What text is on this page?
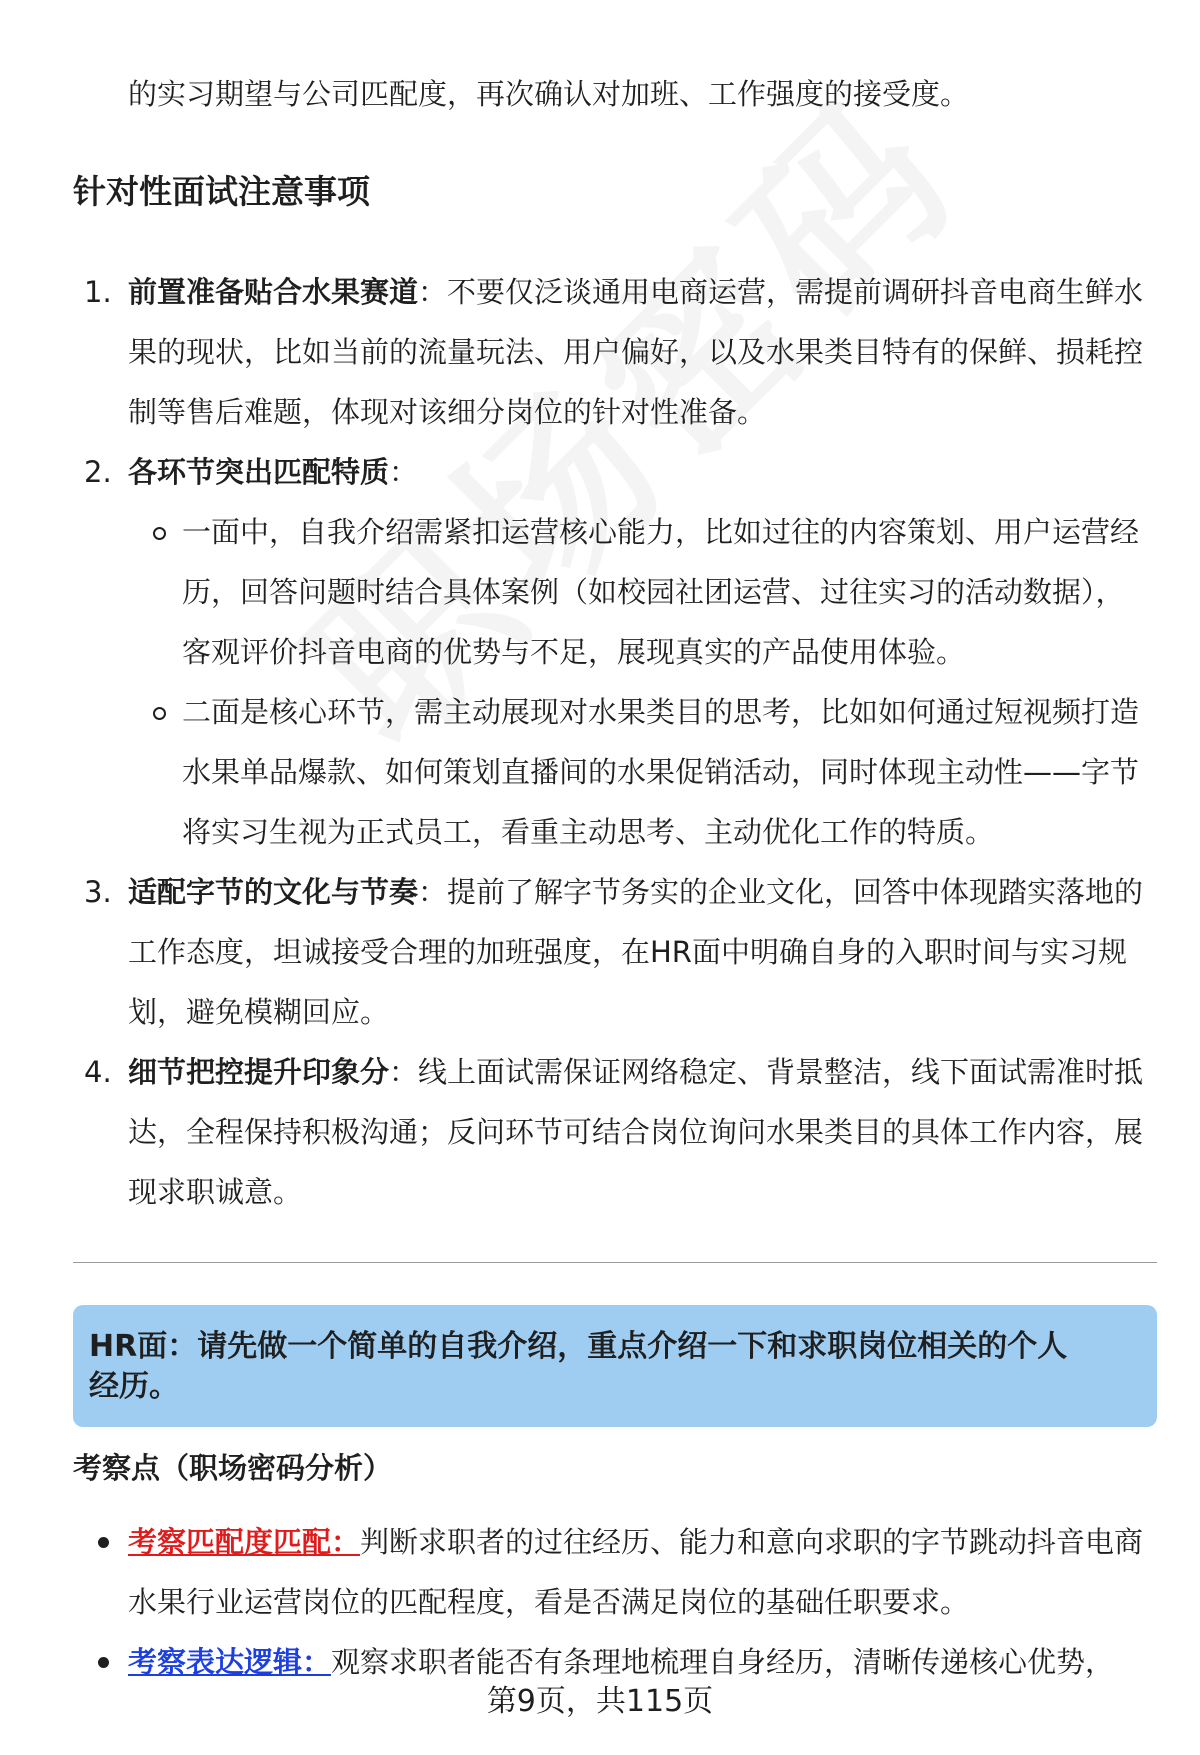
的实习期望与公司匹配度，再次确认对加班、工作强度的接受度。
针对性面试注意事项
1. 前置准备贴合水果赛道：不要仅泛谈通用电商运营，需提前调研抖音电商生鲜水果的现状，比如当前的流量玩法、用户偏好，以及水果类目特有的保鲜、损耗控制等售后难题，体现对该细分岗位的针对性准备。
2. 各环节突出匹配特质：
一面中，自我介绍需紧扣运营核心能力，比如过往的内容策划、用户运营经历，回答问题时结合具体案例（如校园社团运营、过往实习的活动数据），客观评价抖音电商的优势与不足，展现真实的产品使用体验。
二面是核心环节，需主动展现对水果类目的思考，比如如何通过短视频打造水果单品爆款、如何策划直播间的水果促销活动，同时体现主动性——字节将实习生视为正式员工，看重主动思考、主动优化工作的特质。
3. 适配字节的文化与节奏：提前了解字节务实的企业文化，回答中体现踏实落地的工作态度，坦诚接受合理的加班强度，在HR面中明确自身的入职时间与实习规划，避免模糊回应。
4. 细节把控提升印象分：线上面试需保证网络稳定、背景整洁，线下面试需准时抵达，全程保持积极沟通；反问环节可结合岗位询问水果类目的具体工作内容，展现求职诚意。
HR面：请先做一个简单的自我介绍，重点介绍一下和求职岗位相关的个人经历。
考察点（职场密码分析）
考察匹配度匹配：判断求职者的过往经历、能力和意向求职的字节跳动抖音电商水果行业运营岗位的匹配程度，看是否满足岗位的基础任职要求。
考察表达逻辑：观察求职者能否有条理地梳理自身经历，清晰传递核心优势，
第9页，共115页
